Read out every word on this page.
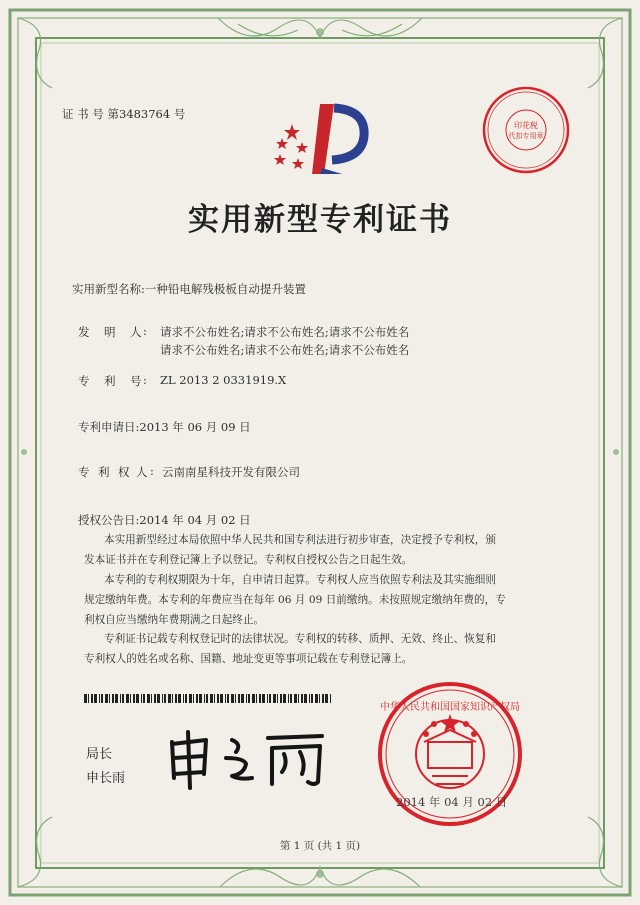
证 书 号 第3483764 号
印花税
代扣专用章
实用新型专利证书
实用新型名称:一种铅电解残极板自动提升装置
发 明 人 : 请求不公布姓名;请求不公布姓名;请求不公布姓名
请求不公布姓名;请求不公布姓名;请求不公布姓名
专 利 号 : ZL 2013 2 0331919.X
专利申请日:2013 年 06 月 09 日
专 利 权 人 : 云南南星科技开发有限公司
授权公告日:2014 年 04 月 02 日
本实用新型经过本局依照中华人民共和国专利法进行初步审查，决定授予专利权，颁
发本证书并在专利登记簿上予以登记。专利权自授权公告之日起生效。
本专利的专利权期限为十年，自申请日起算。专利权人应当依照专利法及其实施细则
规定缴纳年费。本专利的年费应当在每年 06 月 09 日前缴纳。未按照规定缴纳年费的，专
利权自应当缴纳年费期满之日起终止。
专利证书记载专利权登记时的法律状况。专利权的转移、质押、无效、终止、恢复和
专利权人的姓名或名称、国籍、地址变更等事项记载在专利登记簿上。
局长
申长雨
中华人民共和国国家知识产权局
2014 年 04 月 02 日
第 1 页 (共 1 页)
